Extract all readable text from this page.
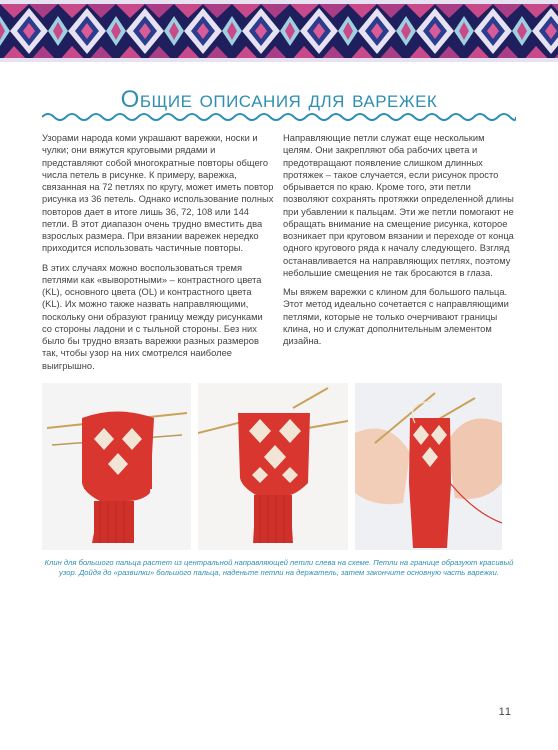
Общие описания для варежек

Узорами народа коми украшают варежки, носки и чулки; они вяжутся круговыми рядами и представляют собой многократные повторы общего числа петель в рисунке. К примеру, варежка, связанная на 72 петлях по кругу, может иметь повтор рисунка из 36 петель. Однако использование полных повторов дает в итоге лишь 36, 72, 108 или 144 петли. В этот диапазон очень трудно вместить два взрослых размера. При вязании варежек нередко приходится использовать частичные повторы.

В этих случаях можно воспользоваться тремя петлями как «выворотными» – контрастного цвета (KL), основного цвета (OL) и контрастного цвета (KL). Их можно также назвать направляющими, поскольку они образуют границу между рисунками со стороны ладони и с тыльной стороны. Без них было бы трудно вязать варежки разных размеров так, чтобы узор на них смотрелся наиболее выигрышно.

Направляющие петли служат еще нескольким целям. Они закрепляют оба рабочих цвета и предотвращают появление слишком длинных протяжек – такое случается, если рисунок просто обрывается по краю. Кроме того, эти петли позволяют сохранять протяжки определенной длины при убавлении к пальцам. Эти же петли помогают не обращать внимание на смещение рисунка, которое возникает при круговом вязании и переходе от конца одного кругового ряда к началу следующего. Взгляд останавливается на направляющих петлях, поэтому небольшие смещения не так бросаются в глаза.

Мы вяжем варежки с клином для большого пальца. Этот метод идеально сочетается с направляющими петлями, которые не только очерчивают границы клина, но и служат дополнительным элементом дизайна.

Клин для большого пальца растет из центральной направляющей петли слева на схеме. Петли на границе образуют красивый узор. Дойдя до «развилки» большого пальца, наденьте петли на держатель, затем закончите основную часть варежки.
11
